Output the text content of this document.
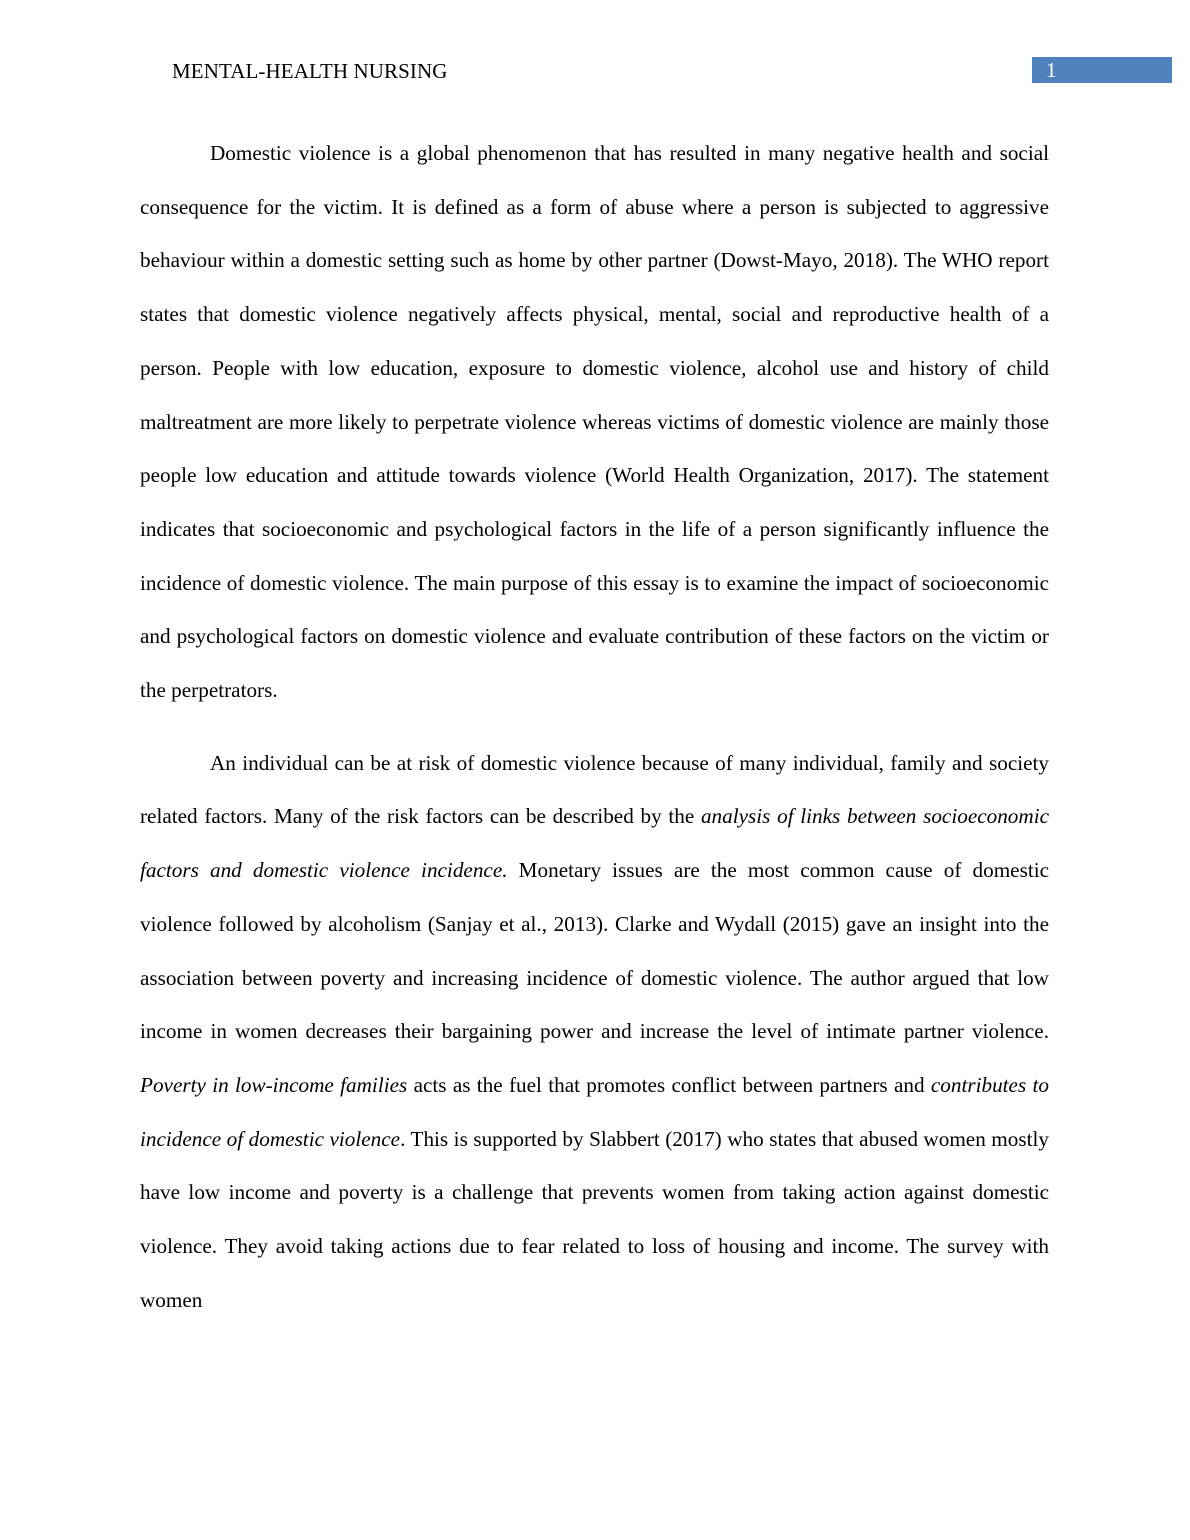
MENTAL-HEALTH NURSING	1

Domestic violence is a global phenomenon that has resulted in many negative health and social consequence for the victim. It is defined as a form of abuse where a person is subjected to aggressive behaviour within a domestic setting such as home by other partner (Dowst-Mayo, 2018). The WHO report states that domestic violence negatively affects physical, mental, social and reproductive health of a person. People with low education, exposure to domestic violence, alcohol use and history of child maltreatment are more likely to perpetrate violence whereas victims of domestic violence are mainly those people low education and attitude towards violence (World Health Organization, 2017). The statement indicates that socioeconomic and psychological factors in the life of a person significantly influence the incidence of domestic violence. The main purpose of this essay is to examine the impact of socioeconomic and psychological factors on domestic violence and evaluate contribution of these factors on the victim or the perpetrators.

An individual can be at risk of domestic violence because of many individual, family and society related factors. Many of the risk factors can be described by the analysis of links between socioeconomic factors and domestic violence incidence. Monetary issues are the most common cause of domestic violence followed by alcoholism (Sanjay et al., 2013). Clarke and Wydall (2015) gave an insight into the association between poverty and increasing incidence of domestic violence. The author argued that low income in women decreases their bargaining power and increase the level of intimate partner violence. Poverty in low-income families acts as the fuel that promotes conflict between partners and contributes to incidence of domestic violence. This is supported by Slabbert (2017) who states that abused women mostly have low income and poverty is a challenge that prevents women from taking action against domestic violence. They avoid taking actions due to fear related to loss of housing and income. The survey with women
